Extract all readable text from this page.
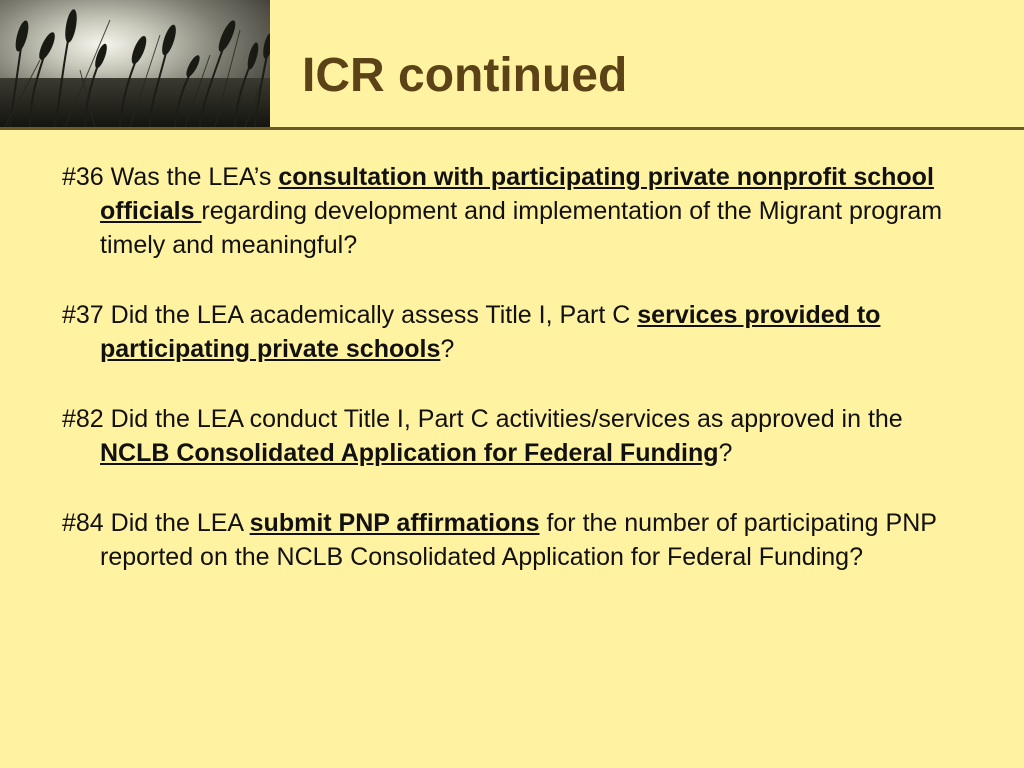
ICR continued

#36 Was the LEA’s consultation with participating private nonprofit school officials regarding development and implementation of the Migrant program timely and meaningful?

#37 Did the LEA academically assess Title I, Part C services provided to participating private schools?

#82 Did the LEA conduct Title I, Part C activities/services as approved in the NCLB Consolidated Application for Federal Funding?

#84 Did the LEA submit PNP affirmations for the number of participating PNP reported on the NCLB Consolidated Application for Federal Funding?
